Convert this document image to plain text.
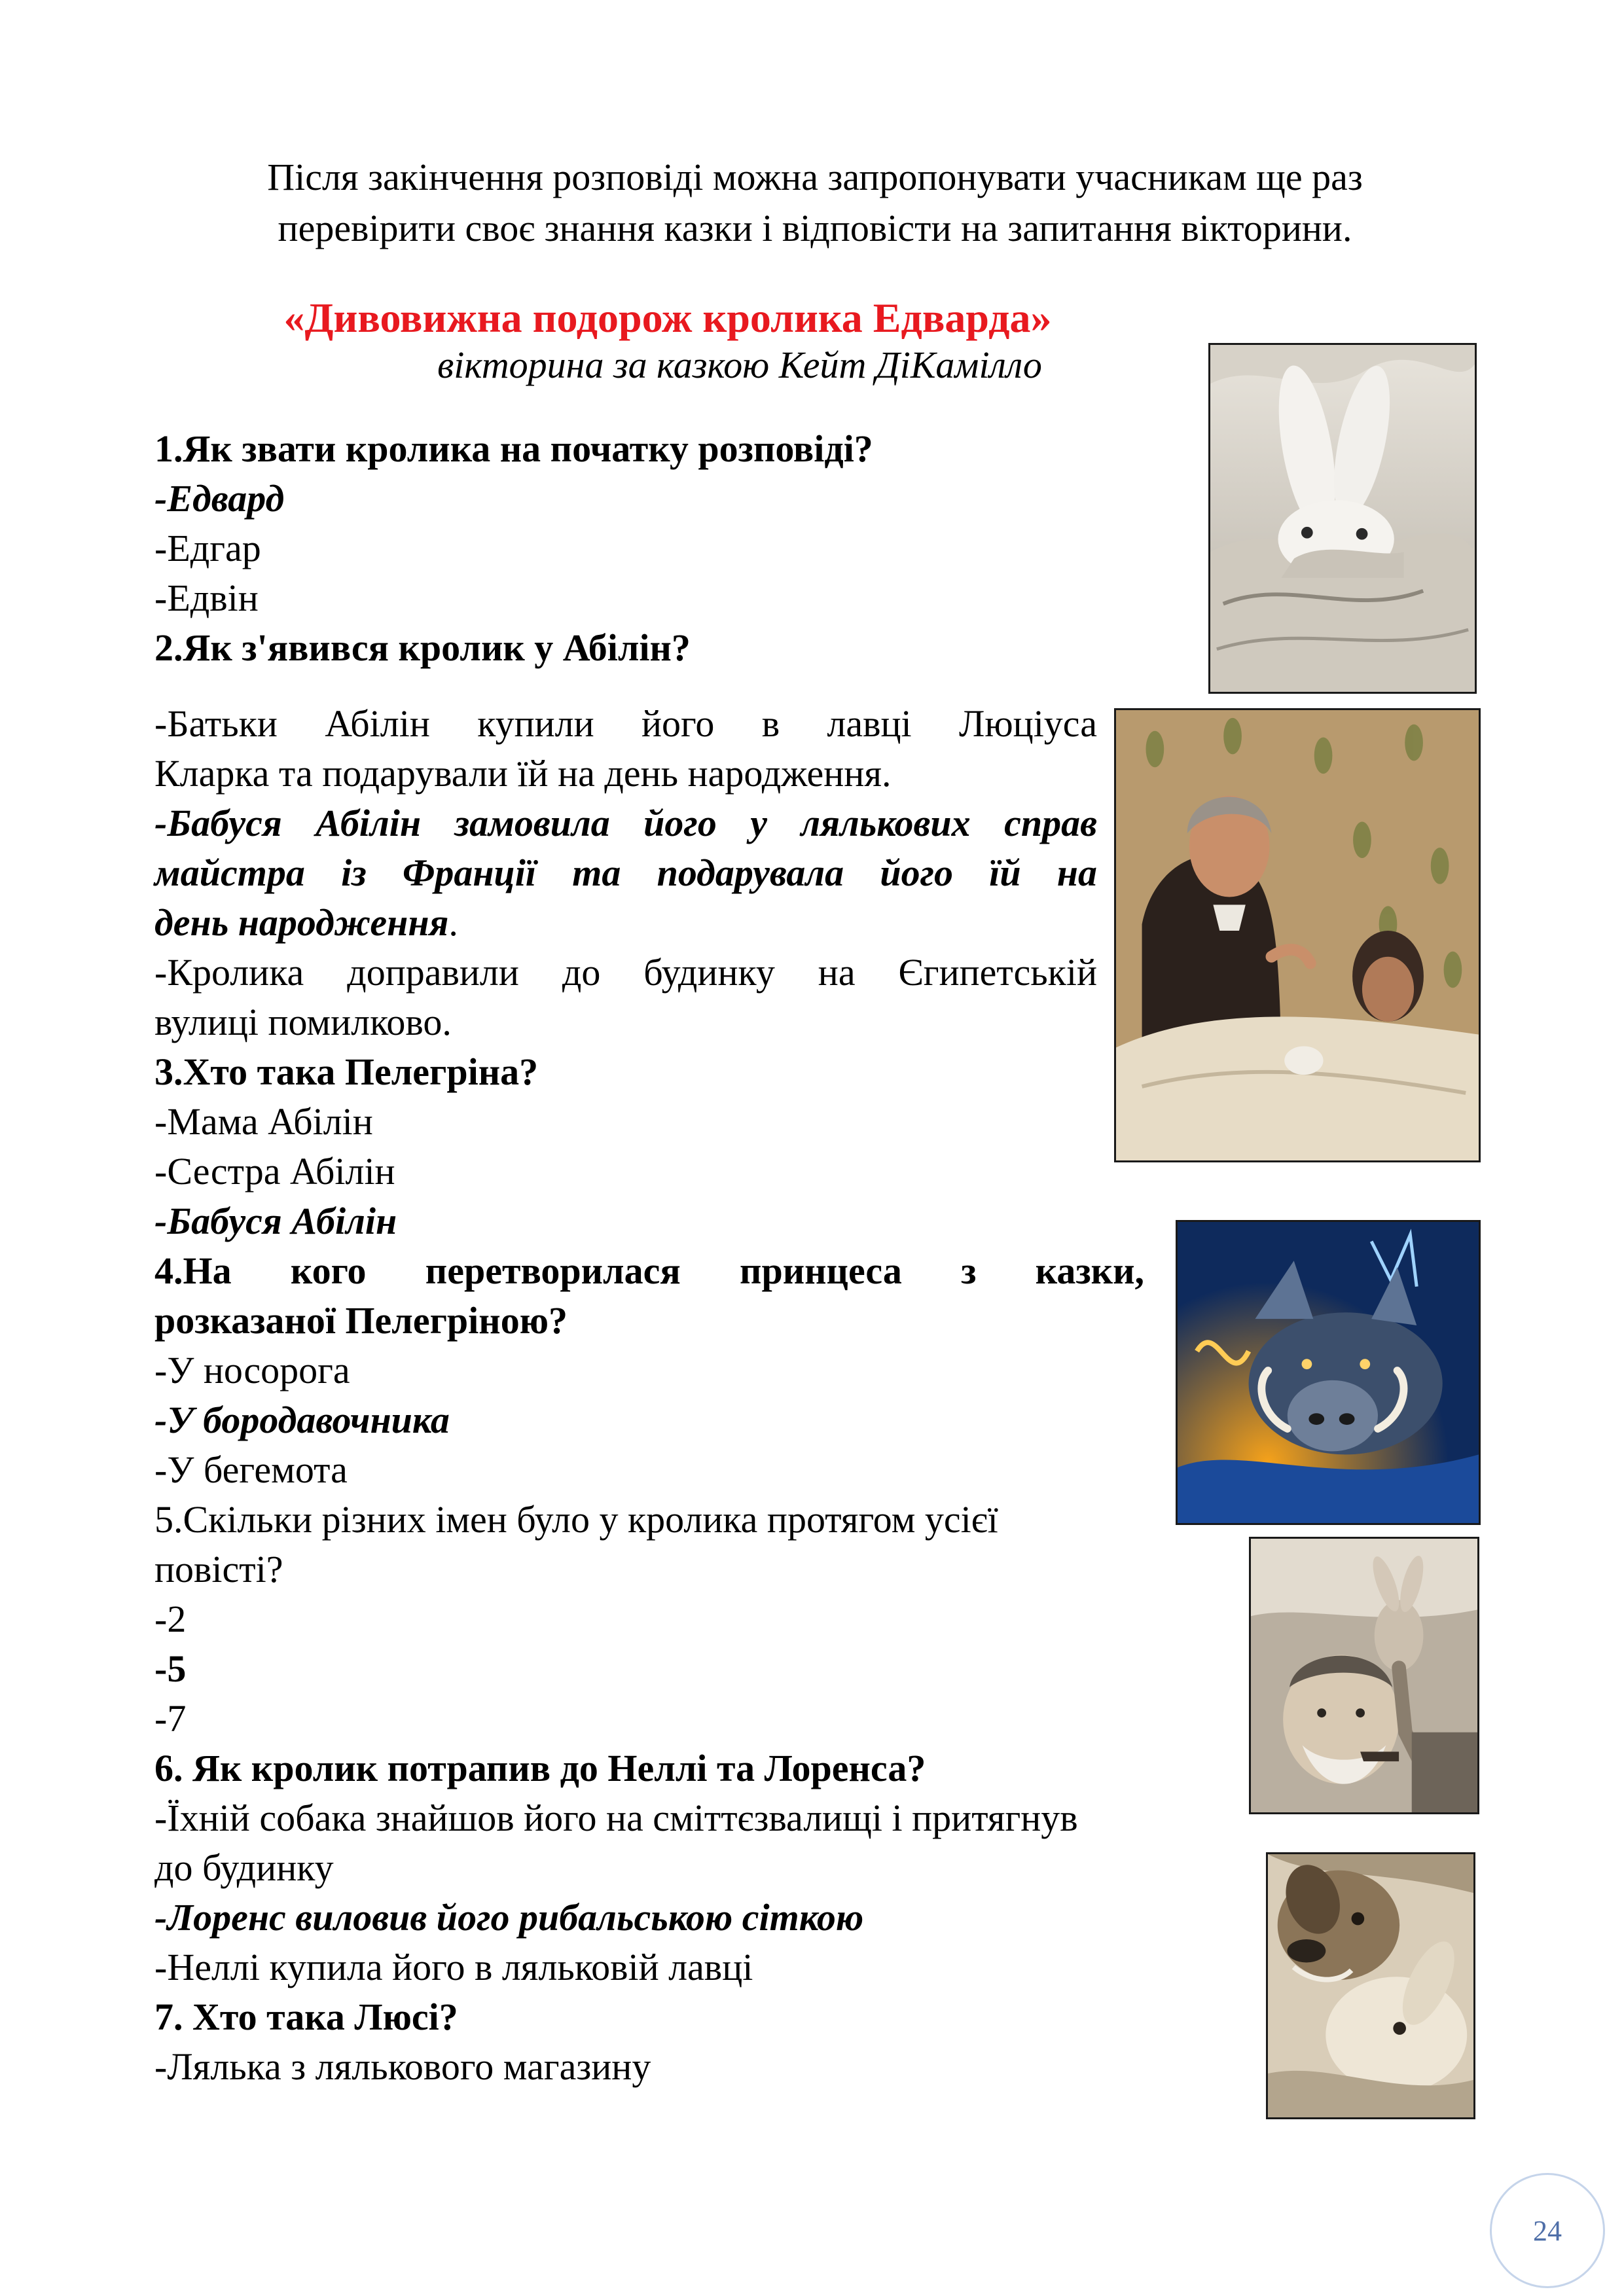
Після закінчення розповіді можна запропонувати учасникам ще раз
перевірити своє знання казки і відповісти на запитання вікторини.
«Дивовижна подорож кролика Едварда»
вікторина за казкою Кейт ДіКамілло
1.Як звати кролика на початку розповіді?
-Едвард
-Едгар
-Едвін
2.Як з'явився кролик у Абілін?
-Батьки Абілін купили його в лавці Люціуса
Кларка та подарували їй на день народження.
-Бабуся Абілін замовила його у лялькових справ
майстра із Франції та подарувала його їй на
день народження.
-Кролика доправили до будинку на Єгипетській
вулиці помилково.
3.Хто така Пелегріна?
-Мама Абілін
-Сестра Абілін
-Бабуся Абілін
4.На кого перетворилася принцеса з казки,
розказаної Пелегріною?
-У носорога
-У бородавочника
-У бегемота
5.Скільки різних імен було у кролика протягом усієї
повісті?
-2
-5
-7
6. Як кролик потрапив до Неллі та Лоренса?
-Їхній собака знайшов його на сміттєзвалищі і притягнув
до будинку
-Лоренс виловив його рибальською сіткою
-Неллі купила його в ляльковій лавці
7. Хто така Люсі?
-Лялька з лялькового магазину
24
